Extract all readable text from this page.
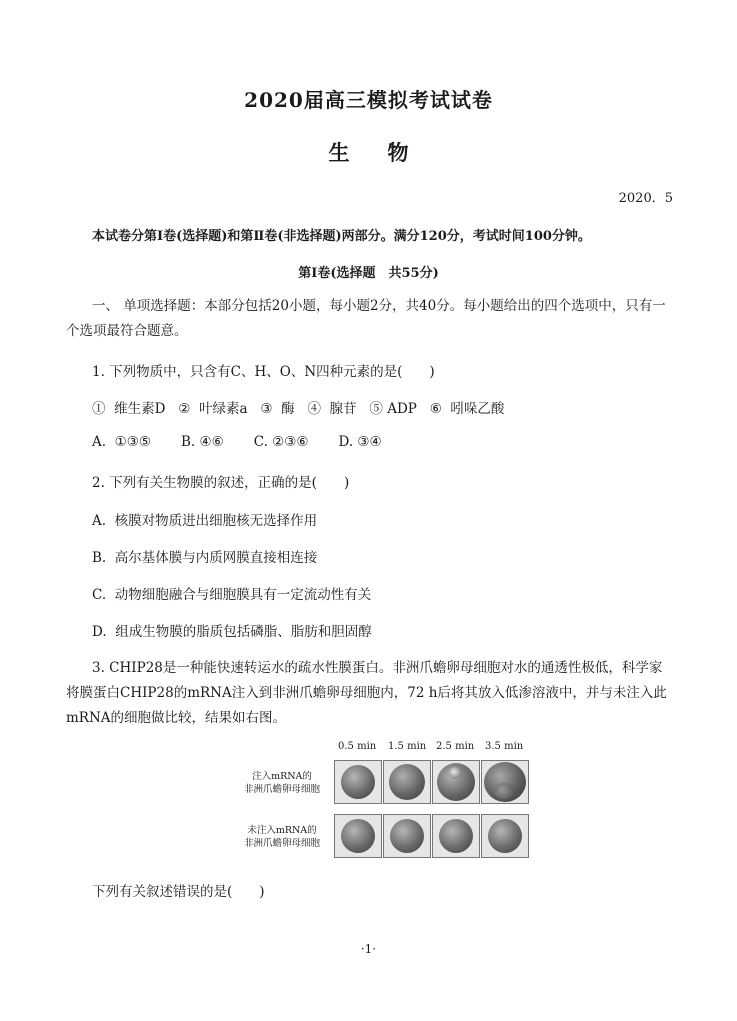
2020届高三模拟考试试卷
生物
2020．5
本试卷分第Ⅰ卷(选择题)和第Ⅱ卷(非选择题)两部分。满分120分，考试时间100分钟。
第Ⅰ卷(选择题　共55分)
一、 单项选择题：本部分包括20小题，每小题2分，共40分。每小题给出的四个选项中，只有一个选项最符合题意。
1. 下列物质中，只含有C、H、O、N四种元素的是(　　)
①  维生素D   ②  叶绿素a   ③  酶   ④  腺苷   ⑤ ADP   ⑥  吲哚乙酸
A.  ①③⑤       B. ④⑥       C. ②③⑥       D. ③④
2. 下列有关生物膜的叙述，正确的是(　　)
A.  核膜对物质进出细胞核无选择作用
B.  高尔基体膜与内质网膜直接相连接
C.  动物细胞融合与细胞膜具有一定流动性有关
D.  组成生物膜的脂质包括磷脂、脂肪和胆固醇
3. CHIP28是一种能快速转运水的疏水性膜蛋白。非洲爪蟾卵母细胞对水的通透性极低，科学家将膜蛋白CHIP28的mRNA注入到非洲爪蟾卵母细胞内，72 h后将其放入低渗溶液中，并与未注入此mRNA的细胞做比较，结果如右图。
0.5 min 1.5 min 2.5 min 3.5 min
注入mRNA的
非洲爪蟾卵母细胞
未注入mRNA的
非洲爪蟾卵母细胞
下列有关叙述错误的是(　　)
·1·
